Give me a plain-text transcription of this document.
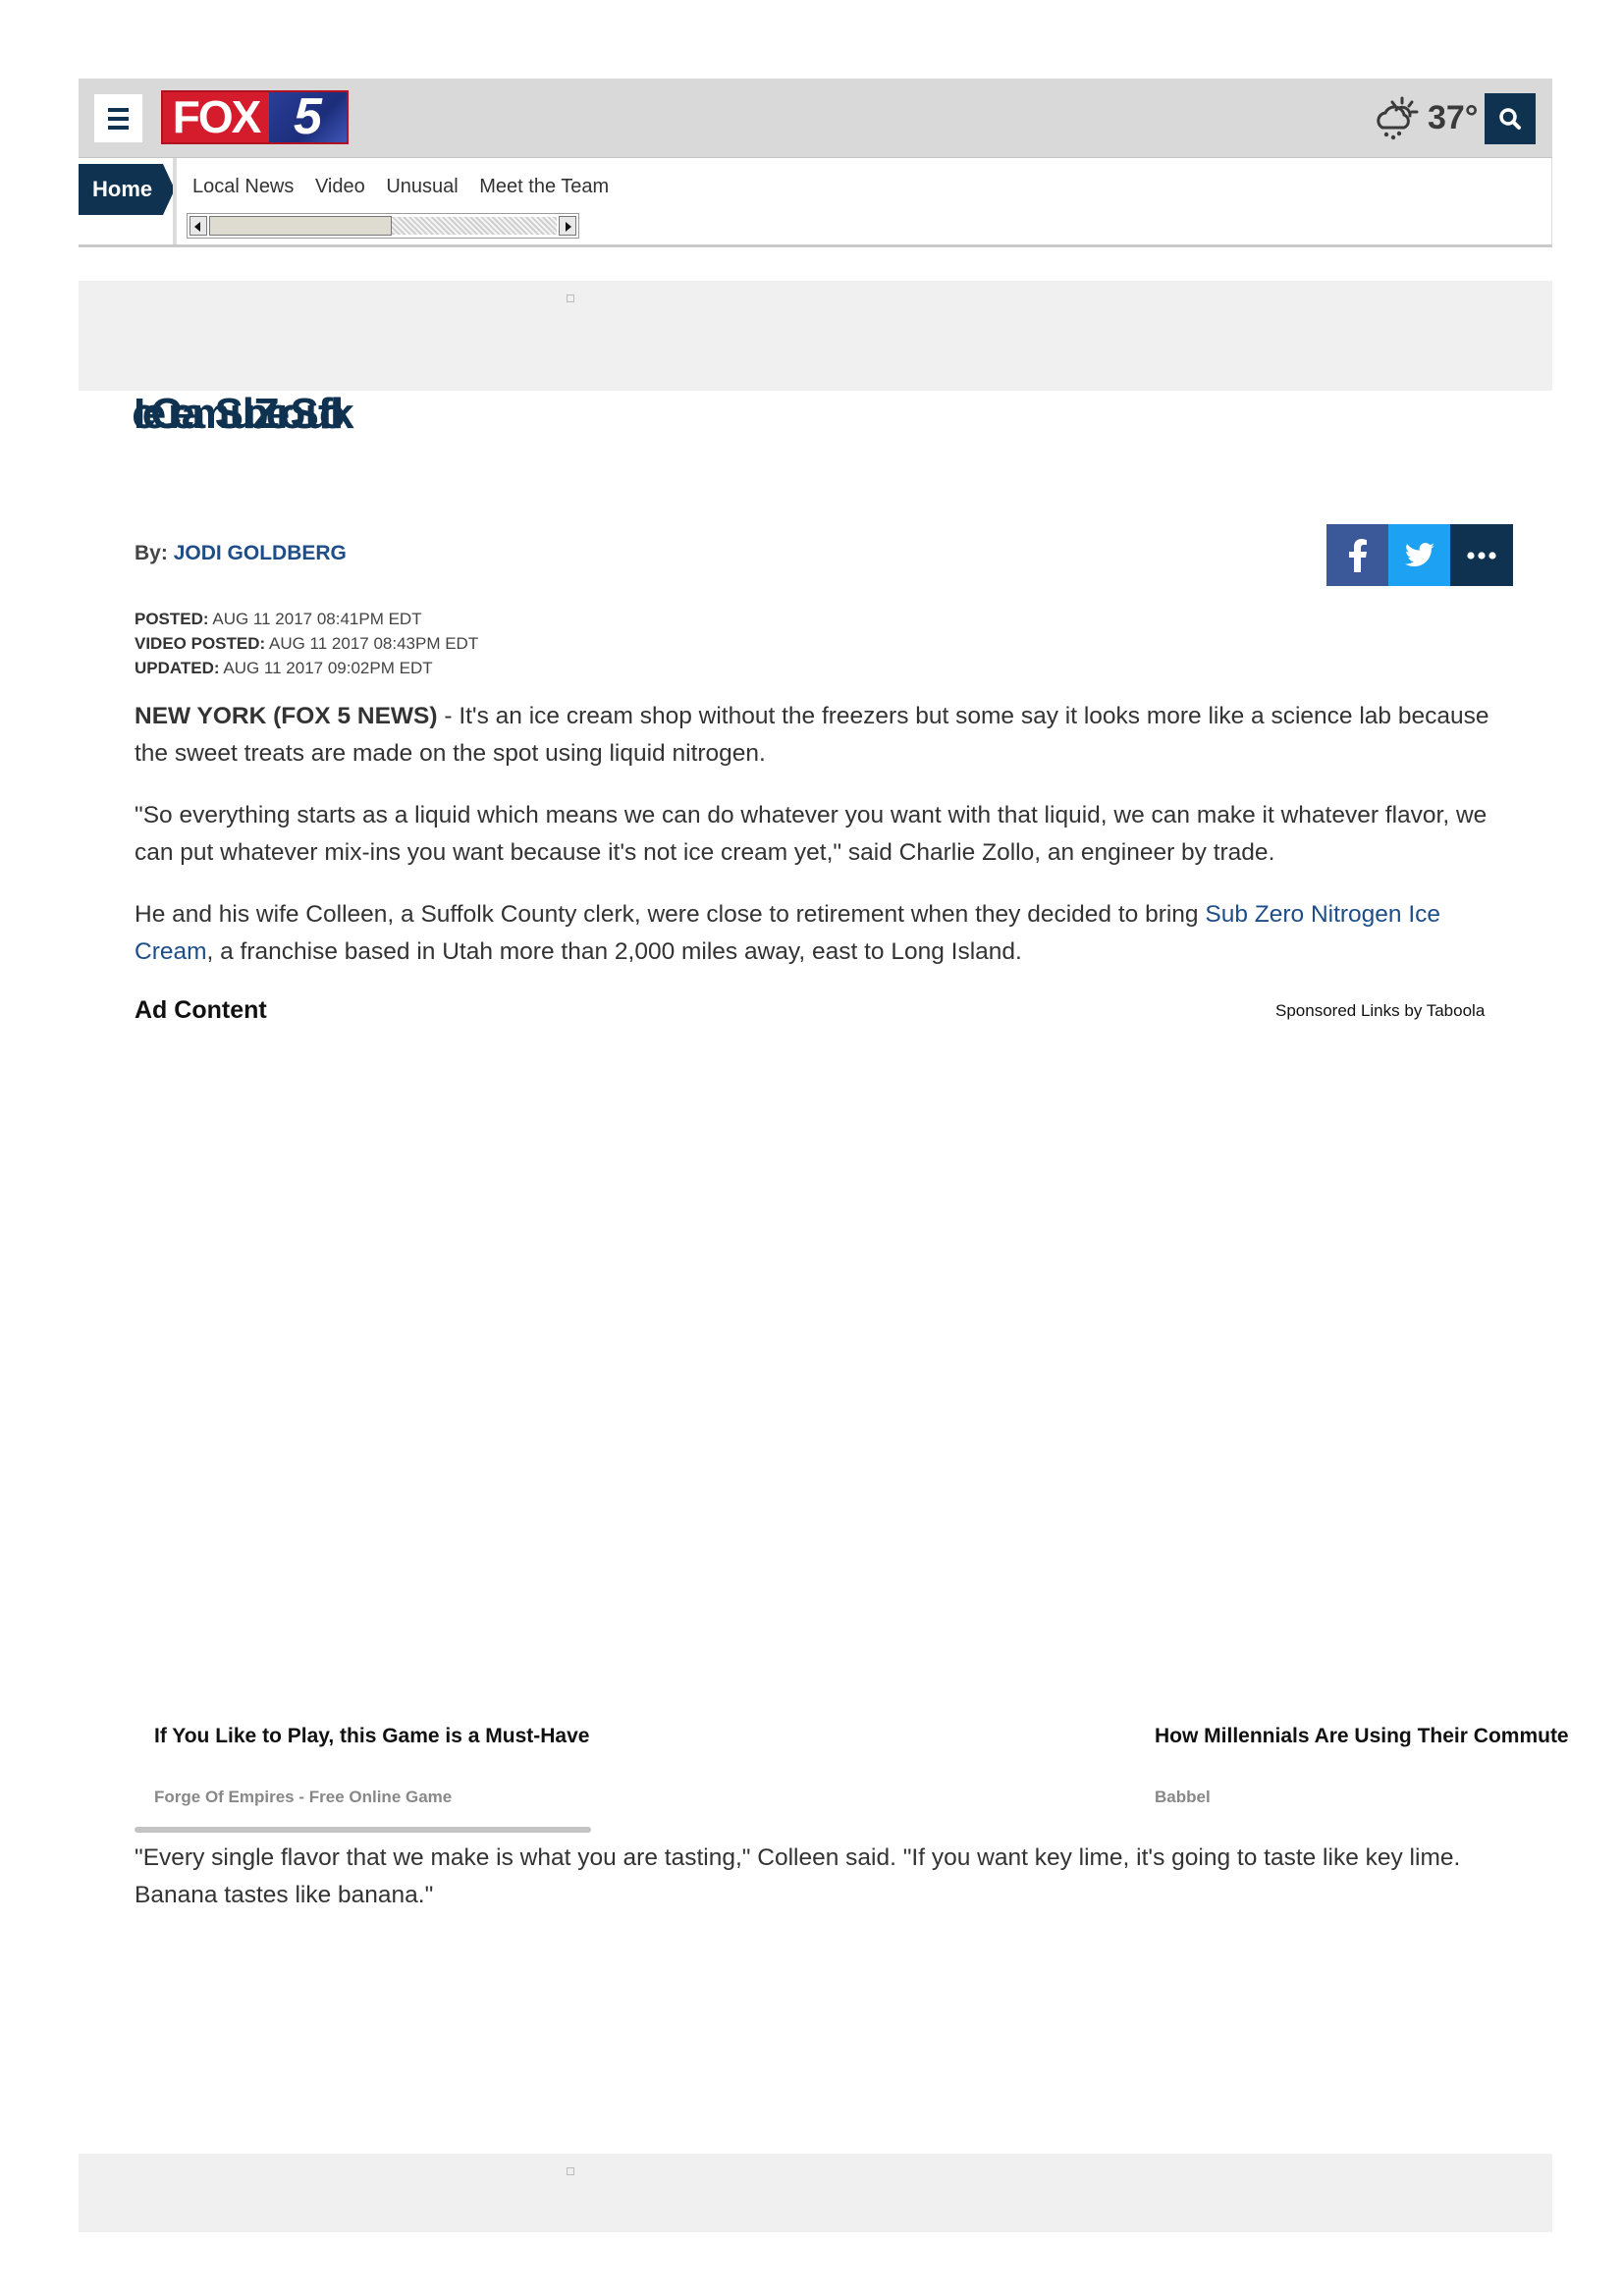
FOX 5	37°
Home	Local News Video Unusual Meet the Team
Ice Cream Sub Zero Suffolk
By: JODI GOLDBERG
POSTED: AUG 11 2017 08:41PM EDT
VIDEO POSTED: AUG 11 2017 08:43PM EDT
UPDATED: AUG 11 2017 09:02PM EDT

NEW YORK (FOX 5 NEWS) - It's an ice cream shop without the freezers but some say it looks more like a science lab because the sweet treats are made on the spot using liquid nitrogen.

"So everything starts as a liquid which means we can do whatever you want with that liquid, we can make it whatever flavor, we can put whatever mix-ins you want because it's not ice cream yet," said Charlie Zollo, an engineer by trade.

He and his wife Colleen, a Suffolk County clerk, were close to retirement when they decided to bring Sub Zero Nitrogen Ice Cream, a franchise based in Utah more than 2,000 miles away, east to Long Island.

Ad Content	Sponsored Links by Taboola
If You Like to Play, this Game is a Must-Have
Forge Of Empires - Free Online Game
How Millennials Are Using Their Commute
Babbel

"Every single flavor that we make is what you are tasting," Colleen said. "If you want key lime, it's going to taste like key lime. Banana tastes like banana."
